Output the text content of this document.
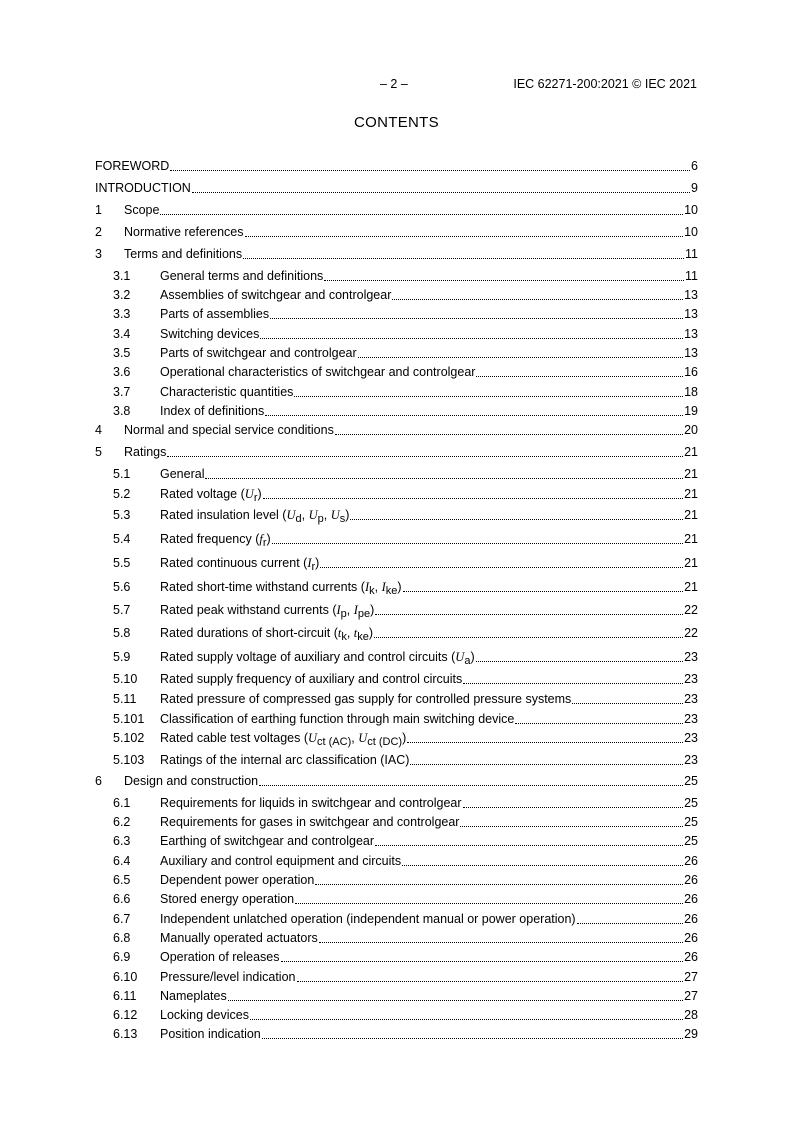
– 2 –	IEC 62271-200:2021 © IEC 2021
CONTENTS
FOREWORD	6
INTRODUCTION	9
1	Scope	10
2	Normative references	10
3	Terms and definitions	11
3.1	General terms and definitions	11
3.2	Assemblies of switchgear and controlgear	13
3.3	Parts of assemblies	13
3.4	Switching devices	13
3.5	Parts of switchgear and controlgear	13
3.6	Operational characteristics of switchgear and controlgear	16
3.7	Characteristic quantities	18
3.8	Index of definitions	19
4	Normal and special service conditions	20
5	Ratings	21
5.1	General	21
5.2	Rated voltage $(U_r)$	21
5.3	Rated insulation level ($U_d$, $U_p$, $U_s$)	21
5.4	Rated frequency $(f_r)$	21
5.5	Rated continuous current $(I_r)$	21
5.6	Rated short-time withstand currents ($I_k$, $I_{ke}$)	21
5.7	Rated peak withstand currents ($I_p$, $I_{pe}$)	22
5.8	Rated durations of short-circuit ($t_k$, $t_{ke}$)	22
5.9	Rated supply voltage of auxiliary and control circuits $(U_a)$	23
5.10	Rated supply frequency of auxiliary and control circuits	23
5.11	Rated pressure of compressed gas supply for controlled pressure systems	23
5.101	Classification of earthing function through main switching device	23
5.102	Rated cable test voltages ($U_{ct (AC)}$, $U_{ct (DC)}$)	23
5.103	Ratings of the internal arc classification (IAC)	23
6	Design and construction	25
6.1	Requirements for liquids in switchgear and controlgear	25
6.2	Requirements for gases in switchgear and controlgear	25
6.3	Earthing of switchgear and controlgear	25
6.4	Auxiliary and control equipment and circuits	26
6.5	Dependent power operation	26
6.6	Stored energy operation	26
6.7	Independent unlatched operation (independent manual or power operation)	26
6.8	Manually operated actuators	26
6.9	Operation of releases	26
6.10	Pressure/level indication	27
6.11	Nameplates	27
6.12	Locking devices	28
6.13	Position indication	29
